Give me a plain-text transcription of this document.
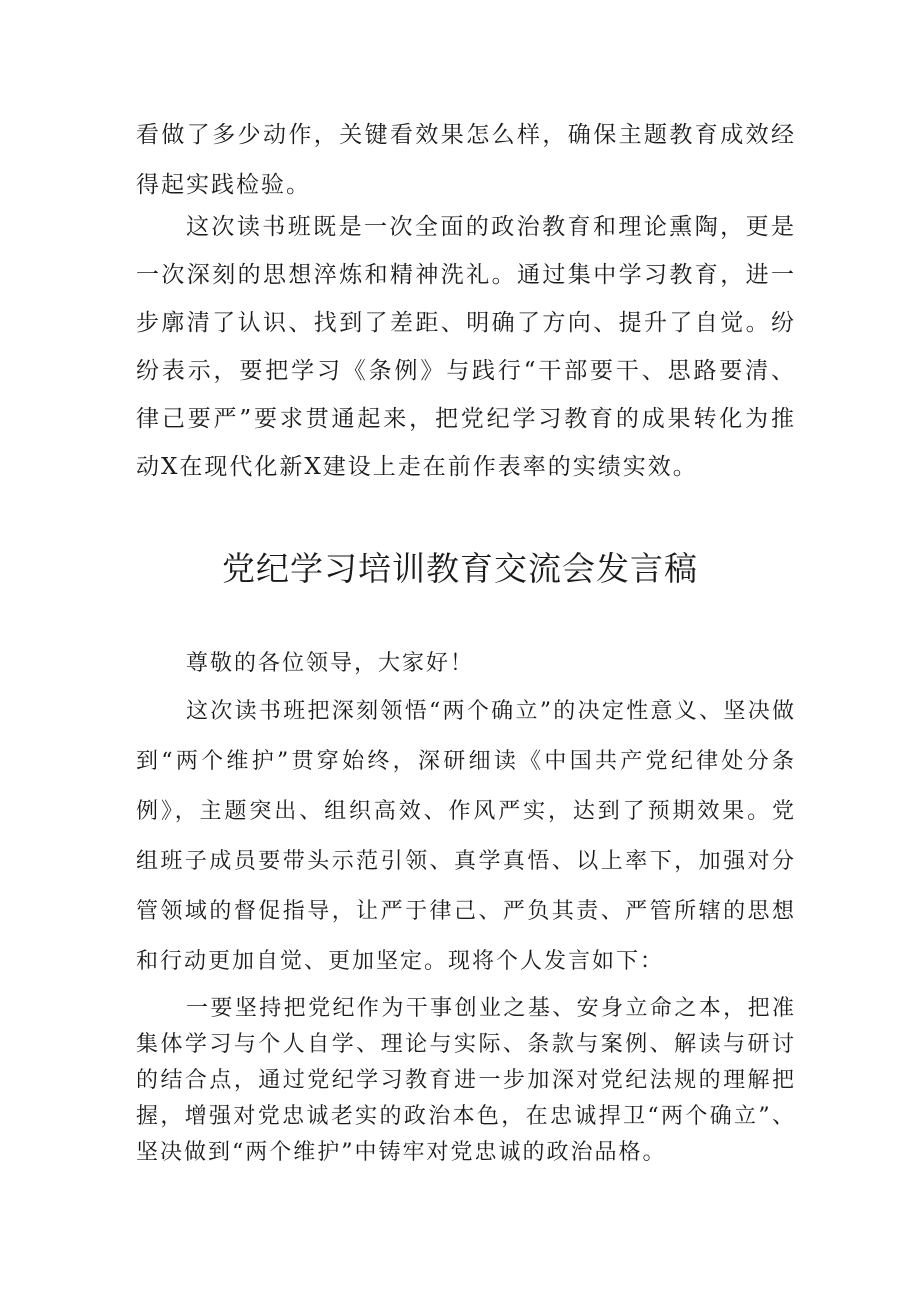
看做了多少动作，关键看效果怎么样，确保主题教育成效经得起实践检验。

这次读书班既是一次全面的政治教育和理论熏陶，更是一次深刻的思想淬炼和精神洗礼。通过集中学习教育，进一步廓清了认识、找到了差距、明确了方向、提升了自觉。纷纷表示，要把学习《条例》与践行“干部要干、思路要清、律己要严”要求贯通起来，把党纪学习教育的成果转化为推动X在现代化新X建设上走在前作表率的实绩实效。

党纪学习培训教育交流会发言稿

尊敬的各位领导，大家好！

这次读书班把深刻领悟“两个确立”的决定性意义、坚决做到“两个维护”贯穿始终，深研细读《中国共产党纪律处分条例》，主题突出、组织高效、作风严实，达到了预期效果。党组班子成员要带头示范引领、真学真悟、以上率下，加强对分管领域的督促指导，让严于律己、严负其责、严管所辖的思想和行动更加自觉、更加坚定。现将个人发言如下：

一要坚持把党纪作为干事创业之基、安身立命之本，把准集体学习与个人自学、理论与实际、条款与案例、解读与研讨的结合点，通过党纪学习教育进一步加深对党纪法规的理解把握，增强对党忠诚老实的政治本色，在忠诚捍卫“两个确立”、坚决做到“两个维护”中铸牢对党忠诚的政治品格。
